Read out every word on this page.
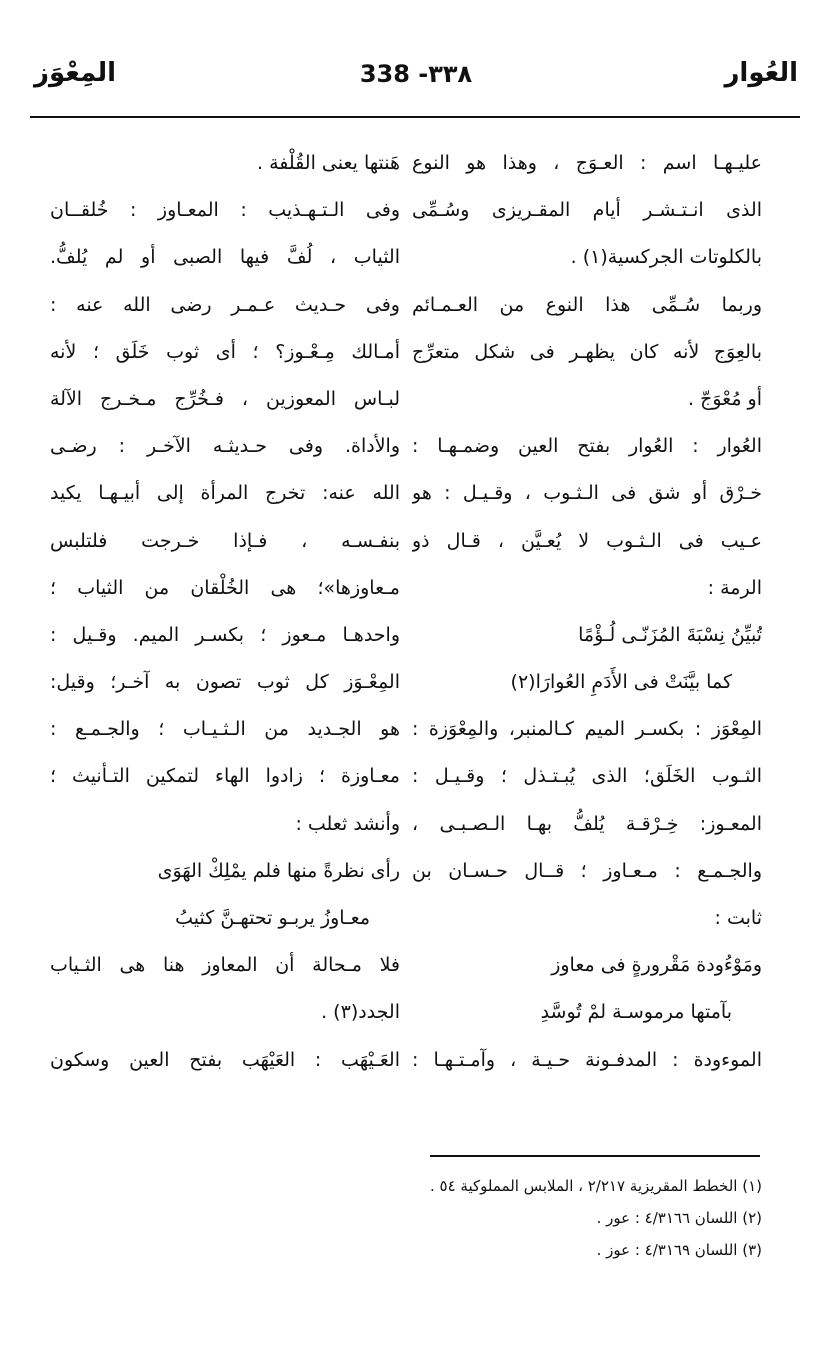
العُوار
338 -٣٣٨
المِعْوَز
عليـهـا اسم : العـوَج ، وهذا هو النوع
الذى انـتـشـر أيام المقـريزى وسُـمِّى
بالكلوتات الجركسية(١) .
وربما سُـمِّى هذا النوع من العـمـائم
بالعِوَج لأنه كان يظهـر فى شكل متعرِّج
أو مُعْوَجّ .
العُوار : العُوار بفتح العين وضمـهـا :
خـرْق أو شق فى الـثـوب ، وقـيـل : هو
عـيب فى الـثـوب لا يُعـيَّن ، قـال ذو
الرمة :
تُبيِّنُ نِسْبَةَ المُزَنّـى لُـؤْمًا
كما بيَّنَتْ فى الأَدَمِ العُوارَا(٢)
المِعْوَز : بكسـر الميم كـالمنبر، والمِعْوَزة :
الثـوب الخَلَق؛ الذى يُبـتـذل ؛ وقـيـل :
المعـوز: خِـرْقـة يُلفُّ بهـا الـصـبـى ،
والجـمـع : مـعـاوز ؛ قــال حـسـان بن
ثابت :
ومَوْءُودة مَقْرورةٍ فى معاوز
بآمتها مرموسـة لمْ تُوسَّدِ
الموءودة : المدفـونة حـيـة ، وآمـتـهـا :
هَنتها يعنى القُلْفة .
وفى الـتـهـذيب : المعـاوز : خُلقــان
الثياب ، لُفَّ فيها الصبى أو لم يُلفُّ.
وفى حـديث عـمـر رضى الله عنه :
أمـالك مِـعْـوز؟ ؛ أى ثوب خَلَق ؛ لأنه
لبـاس المعوزين ، فـخُرِّج مـخـرج الآلة
والأداة. وفى حـديثـه الآخـر : رضـى
الله عنه: تخرج المرأة إلى أبيـهـا يكيد
بنفـسـه ، فـإذا خـرجت فلتلبس
مـعاوزها»؛ هى الخُلْقان من الثياب ؛
واحدهـا مـعوز ؛ بكسـر الميم. وقـيل :
المِعْـوَز كل ثوب تصون به آخـر؛ وقيل:
هو الجـديد من الـثـيـاب ؛ والجـمـع :
معـاوزة ؛ زادوا الهاء لتمكين التـأنيث ؛
وأنشد ثعلب :
رأى نظرةً منها فلم يمْلِكْ الهَوَى
معـاوزُ يربـو تحتهـنَّ كثيبُ
فلا مـحالة أن المعاوز هنا هى الثـياب
الجدد(٣) .
العَـيْهَب : العَيْهَب بفتح العين وسكون
(١) الخطط المقريزية ٢/٢١٧ ، الملابس المملوكية ٥٤ .
(٢) اللسان ٤/٣١٦٦ : عور .
(٣) اللسان ٤/٣١٦٩ : عوز .
